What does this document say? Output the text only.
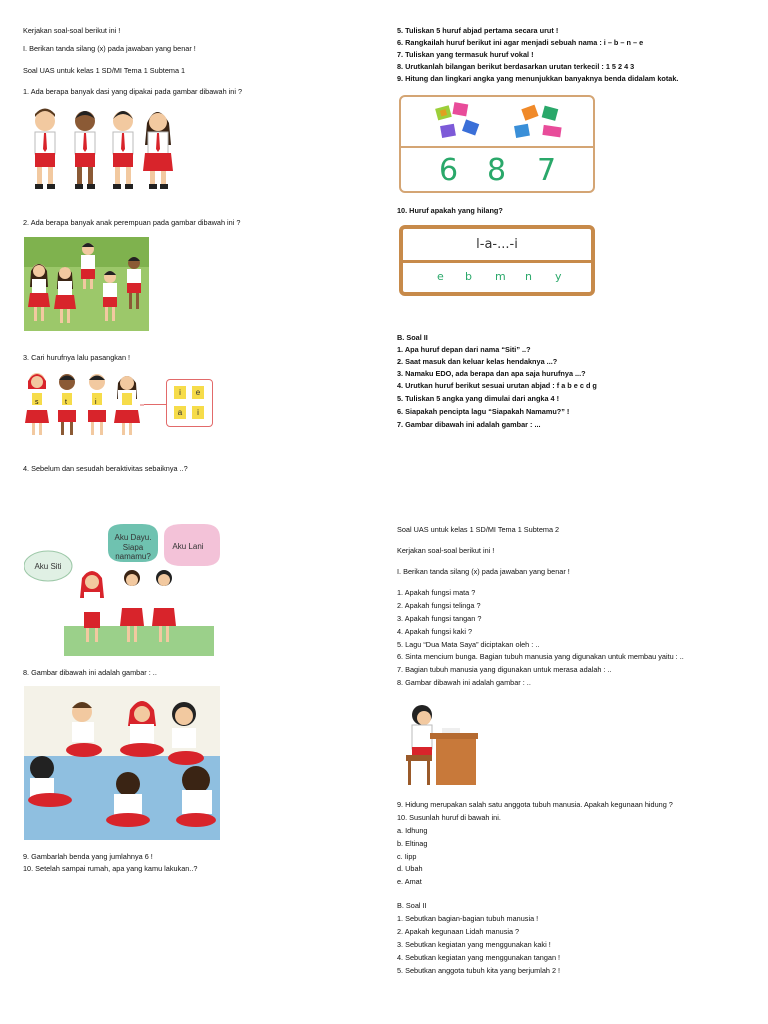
Kerjakan soal-soal berikut ini !
I. Berikan tanda silang (x) pada jawaban yang benar !
Soal UAS untuk kelas 1 SD/MI Tema 1 Subtema 1
1. Ada berapa banyak dasi yang dipakai pada gambar dibawah ini ?
2. Ada berapa banyak anak perempuan pada gambar dibawah ini ?
3. Cari hurufnya lalu pasangkan !
s	t	i
i	e
a	i
4. Sebelum dan sesudah beraktivitas sebaiknya ..?
Aku Siti
Aku Dayu.
Siapa namamu?
Aku Lani
8. Gambar dibawah ini adalah gambar : ..
9. Gambarlah benda yang jumlahnya 6 !
10. Setelah sampai rumah, apa yang kamu lakukan..?
5. Tuliskan 5 huruf abjad pertama secara urut !
6. Rangkailah huruf berikut ini agar menjadi sebuah nama : i – b – n – e
7. Tuliskan yang termasuk huruf vokal !
8. Urutkanlah bilangan berikut berdasarkan urutan terkecil : 1 5 2 4 3
9. Hitung dan lingkari angka yang menunjukkan banyaknya benda didalam kotak.
6 8 7
10. Huruf apakah yang hilang?
l-a-...-i
e b m n y
B. Soal II
1. Apa huruf depan dari nama “Siti” ..?
2. Saat masuk dan keluar kelas hendaknya ...?
3. Namaku EDO, ada berapa dan apa saja hurufnya ...?
4. Urutkan huruf berikut sesuai urutan abjad : f a b e c d g
5. Tuliskan 5 angka yang dimulai dari angka 4 !
6. Siapakah pencipta lagu “Siapakah Namamu?” !
7. Gambar dibawah ini adalah gambar : ...
Soal UAS untuk kelas 1 SD/MI Tema 1 Subtema 2
Kerjakan soal-soal berikut ini !
I. Berikan tanda silang (x) pada jawaban yang benar !
1. Apakah fungsi mata ?
2. Apakah fungsi telinga ?
3. Apakah fungsi tangan ?
4. Apakah fungsi kaki ?
5. Lagu “Dua Mata Saya” diciptakan oleh : ..
6. Sinta mencium bunga. Bagian tubuh manusia yang digunakan untuk membau yaitu : ..
7. Bagian tubuh manusia yang digunakan untuk merasa adalah : ..
8. Gambar dibawah ini adalah gambar : ..
9. Hidung merupakan salah satu anggota tubuh manusia. Apakah kegunaan hidung ?
10. Susunlah huruf di bawah ini.
a. Idhung
b. Eltinag
c. Iipp
d. Ubah
e. Amat
B. Soal II
1. Sebutkan bagian-bagian tubuh manusia !
2. Apakah kegunaan Lidah manusia ?
3. Sebutkan kegiatan yang menggunakan kaki !
4. Sebutkan kegiatan yang menggunakan tangan !
5. Sebutkan anggota tubuh kita yang berjumlah 2 !
